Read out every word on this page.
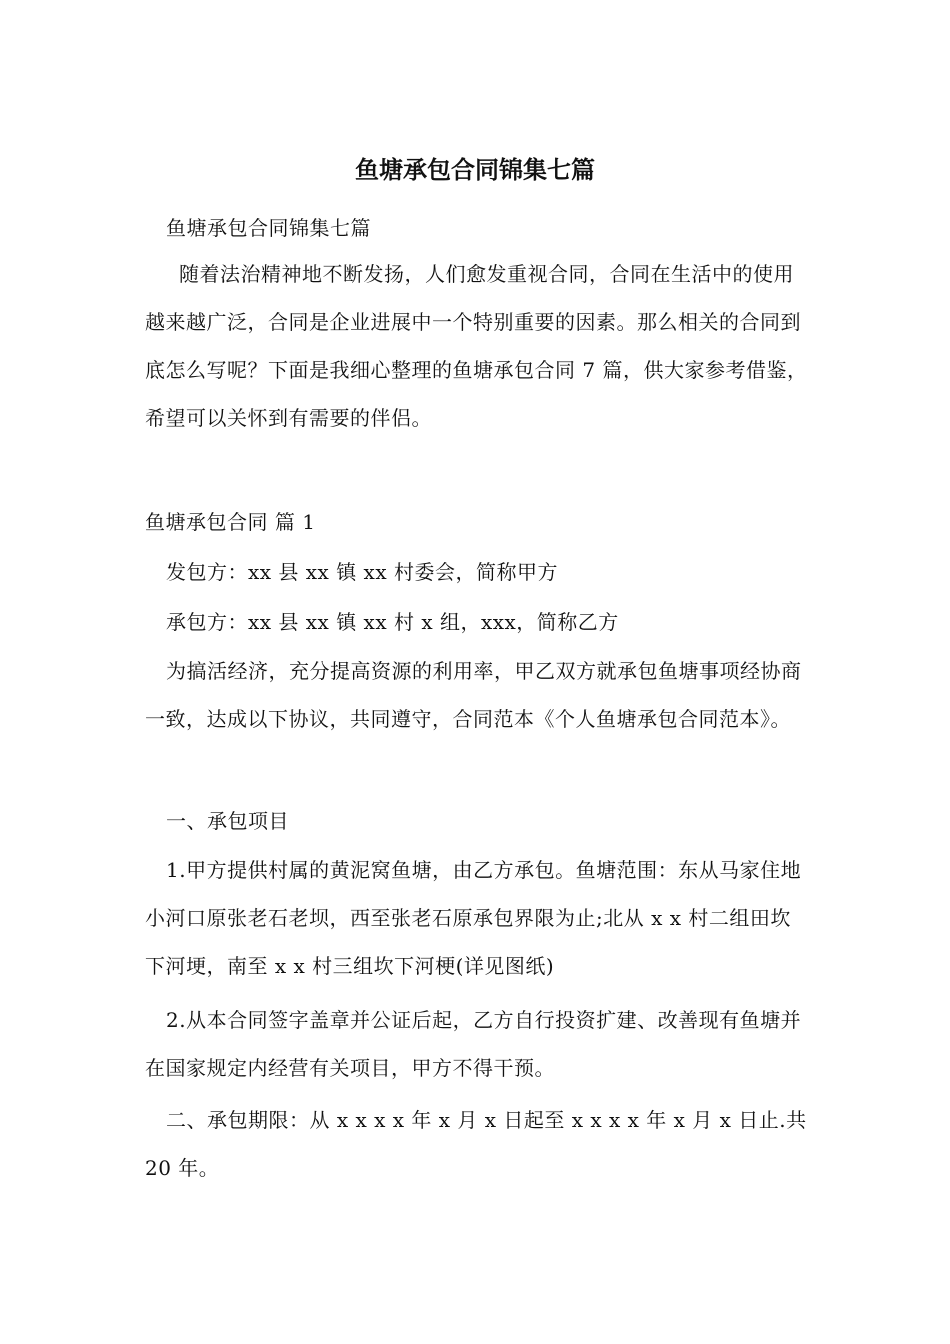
鱼塘承包合同锦集七篇

鱼塘承包合同锦集七篇

随着法治精神地不断发扬，人们愈发重视合同，合同在生活中的使用越来越广泛，合同是企业进展中一个特别重要的因素。那么相关的合同到底怎么写呢？下面是我细心整理的鱼塘承包合同 7 篇，供大家参考借鉴，希望可以关怀到有需要的伴侣。

鱼塘承包合同 篇 1

发包方：xx 县 xx 镇 xx 村委会，简称甲方

承包方：xx 县 xx 镇 xx 村 x 组，xxx，简称乙方

为搞活经济，充分提高资源的利用率，甲乙双方就承包鱼塘事项经协商一致，达成以下协议，共同遵守，合同范本《个人鱼塘承包合同范本》。

一、承包项目

1.甲方提供村属的黄泥窝鱼塘，由乙方承包。鱼塘范围：东从马家住地小河口原张老石老坝，西至张老石原承包界限为止;北从 x x 村二组田坎下河埂，南至 x x 村三组坎下河梗(详见图纸)

2.从本合同签字盖章并公证后起，乙方自行投资扩建、改善现有鱼塘并在国家规定内经营有关项目，甲方不得干预。

二、承包期限：从 x x x x 年 x 月 x 日起至 x x x x 年 x 月 x 日止.共 20 年。
